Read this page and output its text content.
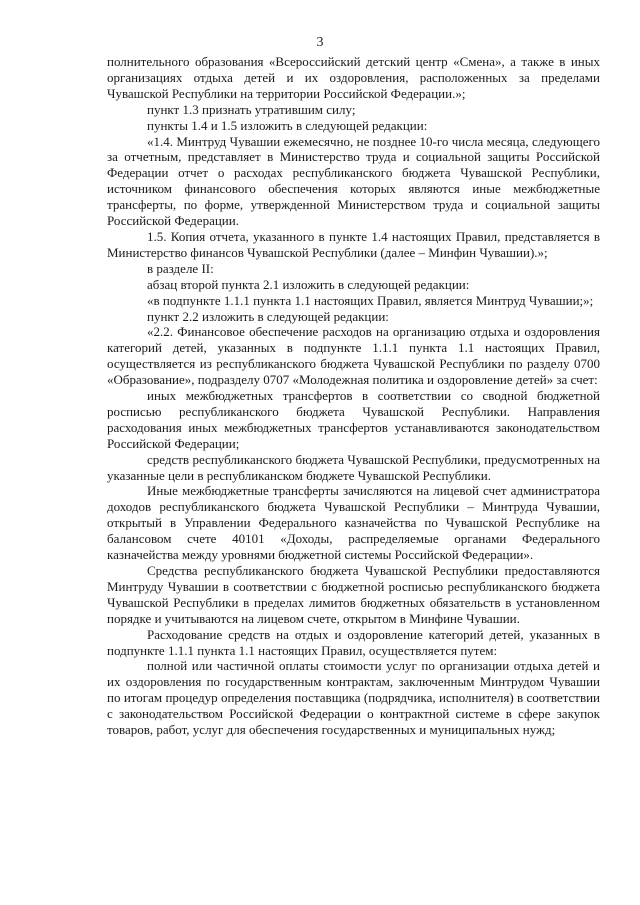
3

полнительного образования «Всероссийский детский центр «Смена», а также в иных организациях отдыха детей и их оздоровления, расположенных за пределами Чувашской Республики на территории Российской Федерации.»;

пункт 1.3 признать утратившим силу;

пункты 1.4 и 1.5 изложить в следующей редакции:

«1.4. Минтруд Чувашии ежемесячно, не позднее 10-го числа месяца, следующего за отчетным, представляет в Министерство труда и социальной защиты Российской Федерации отчет о расходах республиканского бюджета Чувашской Республики, источником финансового обеспечения которых являются иные межбюджетные трансферты, по форме, утвержденной Министерством труда и социальной защиты Российской Федерации.

1.5. Копия отчета, указанного в пункте 1.4 настоящих Правил, представляется в Министерство финансов Чувашской Республики (далее – Минфин Чувашии).»;

в разделе II:

абзац второй пункта 2.1 изложить в следующей редакции:

«в подпункте 1.1.1 пункта 1.1 настоящих Правил, является Минтруд Чувашии;»;

пункт 2.2 изложить в следующей редакции:

«2.2. Финансовое обеспечение расходов на организацию отдыха и оздоровления категорий детей, указанных в подпункте 1.1.1 пункта 1.1 настоящих Правил, осуществляется из республиканского бюджета Чувашской Республики по разделу 0700 «Образование», подразделу 0707 «Молодежная политика и оздоровление детей» за счет:

иных межбюджетных трансфертов в соответствии со сводной бюджетной росписью республиканского бюджета Чувашской Республики. Направления расходования иных межбюджетных трансфертов устанавливаются законодательством Российской Федерации;

средств республиканского бюджета Чувашской Республики, предусмотренных на указанные цели в республиканском бюджете Чувашской Республики.

Иные межбюджетные трансферты зачисляются на лицевой счет администратора доходов республиканского бюджета Чувашской Республики – Минтруда Чувашии, открытый в Управлении Федерального казначейства по Чувашской Республике на балансовом счете 40101 «Доходы, распределяемые органами Федерального казначейства между уровнями бюджетной системы Российской Федерации».

Средства республиканского бюджета Чувашской Республики предоставляются Минтруду Чувашии в соответствии с бюджетной росписью республиканского бюджета Чувашской Республики в пределах лимитов бюджетных обязательств в установленном порядке и учитываются на лицевом счете, открытом в Минфине Чувашии.

Расходование средств на отдых и оздоровление категорий детей, указанных в подпункте 1.1.1 пункта 1.1 настоящих Правил, осуществляется путем:

полной или частичной оплаты стоимости услуг по организации отдыха детей и их оздоровления по государственным контрактам, заключенным Минтрудом Чувашии по итогам процедур определения поставщика (подрядчика, исполнителя) в соответствии с законодательством Российской Федерации о контрактной системе в сфере закупок товаров, работ, услуг для обеспечения государственных и муниципальных нужд;
